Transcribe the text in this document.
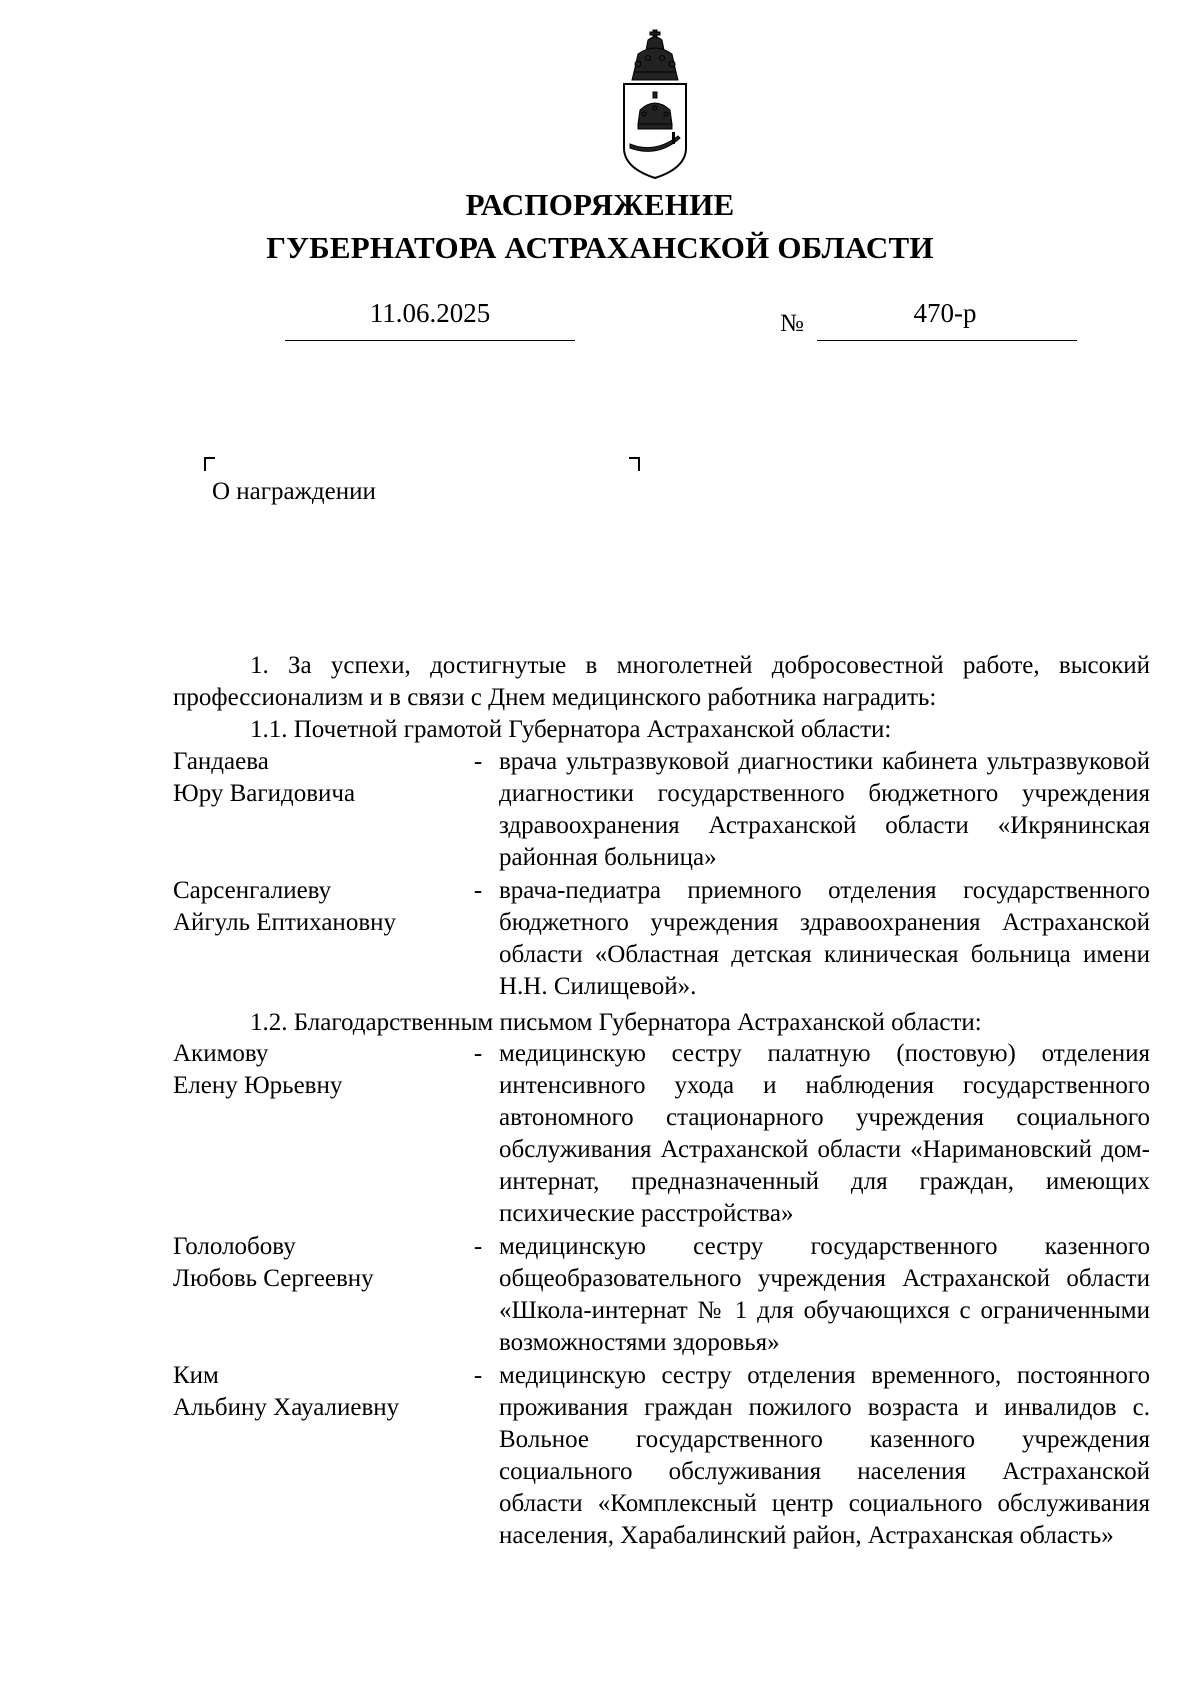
РАСПОРЯЖЕНИЕ
ГУБЕРНАТОРА АСТРАХАНСКОЙ ОБЛАСТИ
11.06.2025	№	470-р
О награждении
1. За успехи, достигнутые в многолетней добросовестной работе, высокий профессионализм и в связи с Днем медицинского работника наградить:
1.1. Почетной грамотой Губернатора Астраханской области:
Гандаева
Юру Вагидовича
- врача ультразвуковой диагностики кабинета ультразвуковой диагностики государственного бюджетного учреждения здравоохранения Астраханской области «Икрянинская районная больница»
Сарсенгалиеву
Айгуль Ептихановну
- врача-педиатра приемного отделения государственного бюджетного учреждения здравоохранения Астраханской области «Областная детская клиническая больница имени Н.Н. Силищевой».
1.2. Благодарственным письмом Губернатора Астраханской области:
Акимову
Елену Юрьевну
- медицинскую сестру палатную (постовую) отделения интенсивного ухода и наблюдения государственного автономного стационарного учреждения социального обслуживания Астраханской области «Наримановский дом-интернат, предназначенный для граждан, имеющих психические расстройства»
Гололобову
Любовь Сергеевну
- медицинскую сестру государственного казенного общеобразовательного учреждения Астраханской области «Школа-интернат № 1 для обучающихся с ограниченными возможностями здоровья»
Ким
Альбину Хауалиевну
- медицинскую сестру отделения временного, постоянного проживания граждан пожилого возраста и инвалидов с. Вольное государственного казенного учреждения социального обслуживания населения Астраханской области «Комплексный центр социального обслуживания населения, Харабалинский район, Астраханская область»
